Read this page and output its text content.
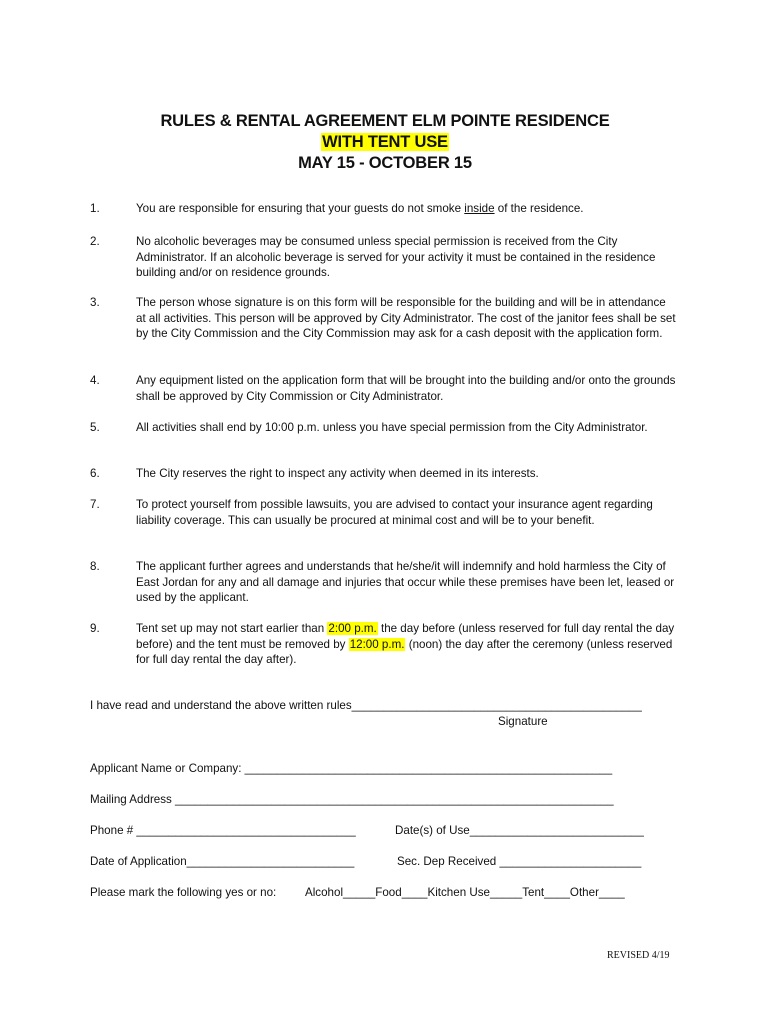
RULES & RENTAL AGREEMENT ELM POINTE RESIDENCE
WITH TENT USE
MAY 15 - OCTOBER 15
1.	You are responsible for ensuring that your guests do not smoke inside of the residence.
2.	No alcoholic beverages may be consumed unless special permission is received from the City Administrator. If an alcoholic beverage is served for your activity it must be contained in the residence building and/or on residence grounds.
3.	The person whose signature is on this form will be responsible for the building and will be in attendance at all activities. This person will be approved by City Administrator. The cost of the janitor fees shall be set by the City Commission and the City Commission may ask for a cash deposit with the application form.
4.	Any equipment listed on the application form that will be brought into the building and/or onto the grounds shall be approved by City Commission or City Administrator.
5.	All activities shall end by 10:00 p.m. unless you have special permission from the City Administrator.
6.	The City reserves the right to inspect any activity when deemed in its interests.
7.	To protect yourself from possible lawsuits, you are advised to contact your insurance agent regarding liability coverage. This can usually be procured at minimal cost and will be to your benefit.
8.	The applicant further agrees and understands that he/she/it will indemnify and hold harmless the City of East Jordan for any and all damage and injuries that occur while these premises have been let, leased or used by the applicant.
9.	Tent set up may not start earlier than 2:00 p.m. the day before (unless reserved for full day rental the day before) and the tent must be removed by 12:00 p.m. (noon) the day after the ceremony (unless reserved for full day rental the day after).
I have read and understand the above written rules_____________________________________________
Signature
Applicant Name or Company: _________________________________________________________
Mailing Address ____________________________________________________________________
Phone # __________________________________	Date(s) of Use___________________________
Date of Application__________________________	Sec. Dep Received ______________________
Please mark the following yes or no: Alcohol_____Food____Kitchen Use_____Tent____Other____
REVISED 4/19
